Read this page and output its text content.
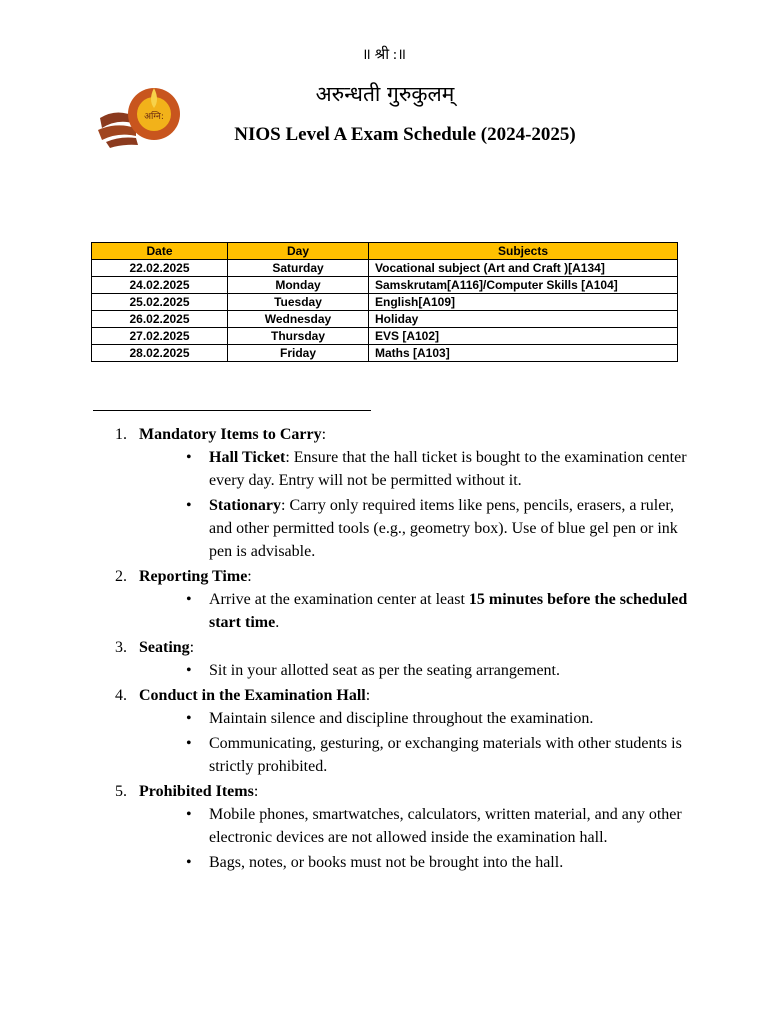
॥ श्री :॥
अग्नि:
अरुन्धती गुरुकुलम्
NIOS Level A Exam Schedule (2024-2025)
Date	Day	Subjects
22.02.2025	Saturday	Vocational subject (Art and Craft )[A134]
24.02.2025	Monday	Samskrutam[A116]/Computer Skills [A104]
25.02.2025	Tuesday	English[A109]
26.02.2025	Wednesday	Holiday
27.02.2025	Thursday	EVS [A102]
28.02.2025	Friday	Maths [A103]
1. Mandatory Items to Carry:
• Hall Ticket: Ensure that the hall ticket is bought to the examination center every day. Entry will not be permitted without it.
• Stationary: Carry only required items like pens, pencils, erasers, a ruler, and other permitted tools (e.g., geometry box). Use of blue gel pen or ink pen is advisable.
2. Reporting Time:
• Arrive at the examination center at least 15 minutes before the scheduled start time.
3. Seating:
• Sit in your allotted seat as per the seating arrangement.
4. Conduct in the Examination Hall:
• Maintain silence and discipline throughout the examination.
• Communicating, gesturing, or exchanging materials with other students is strictly prohibited.
5. Prohibited Items:
• Mobile phones, smartwatches, calculators, written material, and any other electronic devices are not allowed inside the examination hall.
• Bags, notes, or books must not be brought into the hall.
